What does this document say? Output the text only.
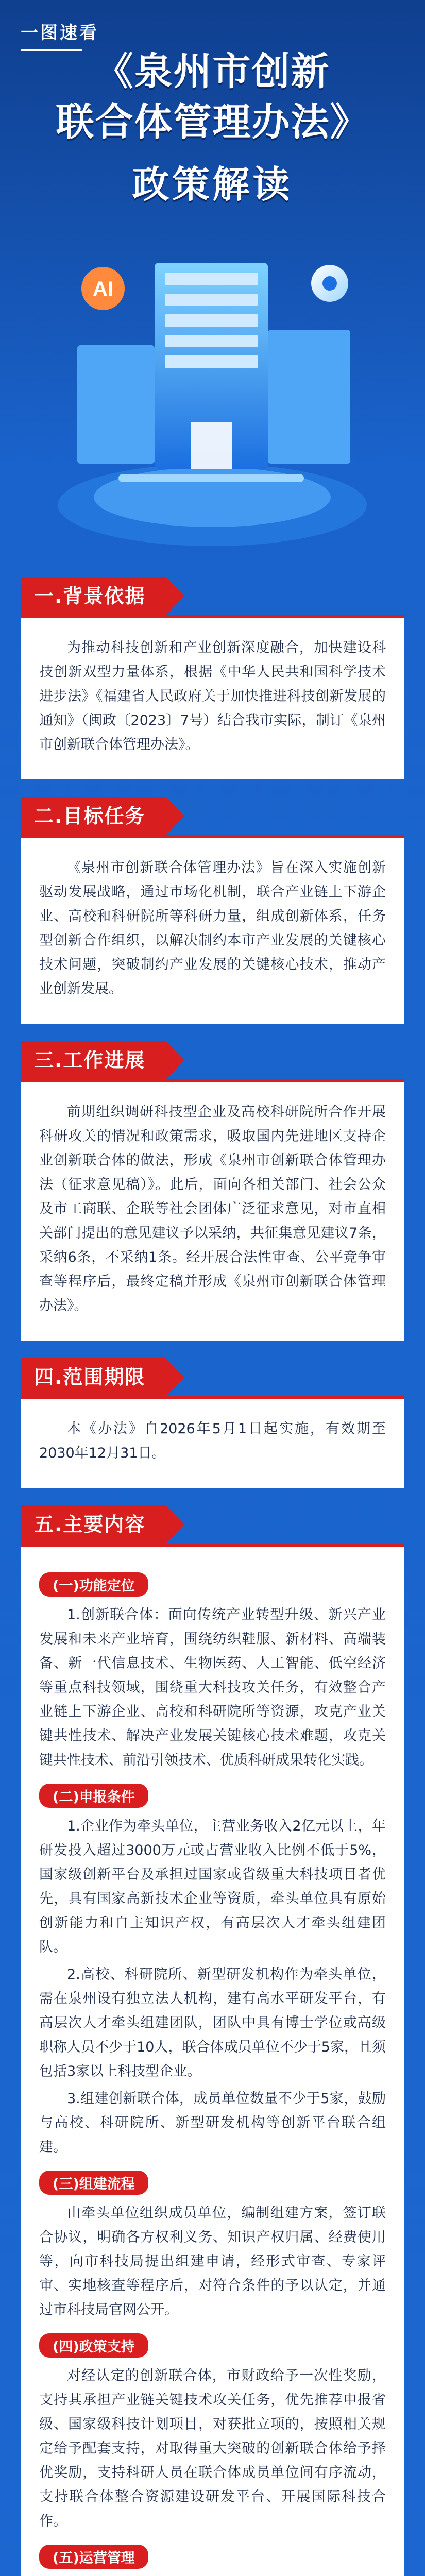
一图速看
《泉州市创新
联合体管理办法》
政策解读
AI
一.背景依据

为推动科技创新和产业创新深度融合，加快建设科技创新双型力量体系，根据《中华人民共和国科学技术进步法》《福建省人民政府关于加快推进科技创新发展的通知》（闽政〔2023〕7号）结合我市实际，制订《泉州市创新联合体管理办法》。

二.目标任务

《泉州市创新联合体管理办法》旨在深入实施创新驱动发展战略，通过市场化机制，联合产业链上下游企业、高校和科研院所等科研力量，组成创新体系，任务型创新合作组织，以解决制约本市产业发展的关键核心技术问题，突破制约产业发展的关键核心技术，推动产业创新发展。

三.工作进展

前期组织调研科技型企业及高校科研院所合作开展科研攻关的情况和政策需求，吸取国内先进地区支持企业创新联合体的做法，形成《泉州市创新联合体管理办法（征求意见稿）》。此后，面向各相关部门、社会公众及市工商联、企联等社会团体广泛征求意见，对市直相关部门提出的意见建议予以采纳，共征集意见建议7条，采纳6条，不采纳1条。经开展合法性审查、公平竞争审查等程序后，最终定稿并形成《泉州市创新联合体管理办法》。

四.范围期限

本《办法》自2026年5月1日起实施，有效期至2030年12月31日。

五.主要内容
(一)功能定位

1.创新联合体：面向传统产业转型升级、新兴产业发展和未来产业培育，围绕纺织鞋服、新材料、高端装备、新一代信息技术、生物医药、人工智能、低空经济等重点科技领域，围绕重大科技攻关任务，有效整合产业链上下游企业、高校和科研院所等资源，攻克产业关键共性技术、解决产业发展关键核心技术难题，攻克关键共性技术、前沿引领技术、优质科研成果转化实践。

(二)申报条件

1.企业作为牵头单位，主营业务收入2亿元以上，年研发投入超过3000万元或占营业收入比例不低于5%，国家级创新平台及承担过国家或省级重大科技项目者优先，具有国家高新技术企业等资质，牵头单位具有原始创新能力和自主知识产权，有高层次人才牵头组建团队。

2.高校、科研院所、新型研发机构作为牵头单位，需在泉州设有独立法人机构，建有高水平研发平台，有高层次人才牵头组建团队，团队中具有博士学位或高级职称人员不少于10人，联合体成员单位不少于5家，且须包括3家以上科技型企业。

3.组建创新联合体，成员单位数量不少于5家，鼓励与高校、科研院所、新型研发机构等创新平台联合组建。

(三)组建流程

由牵头单位组织成员单位，编制组建方案，签订联合协议，明确各方权利义务、知识产权归属、经费使用等，向市科技局提出组建申请，经形式审查、专家评审、实地核查等程序后，对符合条件的予以认定，并通过市科技局官网公开。

(四)政策支持

对经认定的创新联合体，市财政给予一次性奖励，支持其承担产业链关键技术攻关任务，优先推荐申报省级、国家级科技计划项目，对获批立项的，按照相关规定给予配套支持，对取得重大突破的创新联合体给予择优奖励，支持科研人员在联合体成员单位间有序流动，支持联合体整合资源建设研发平台、开展国际科技合作。

(五)运营管理
